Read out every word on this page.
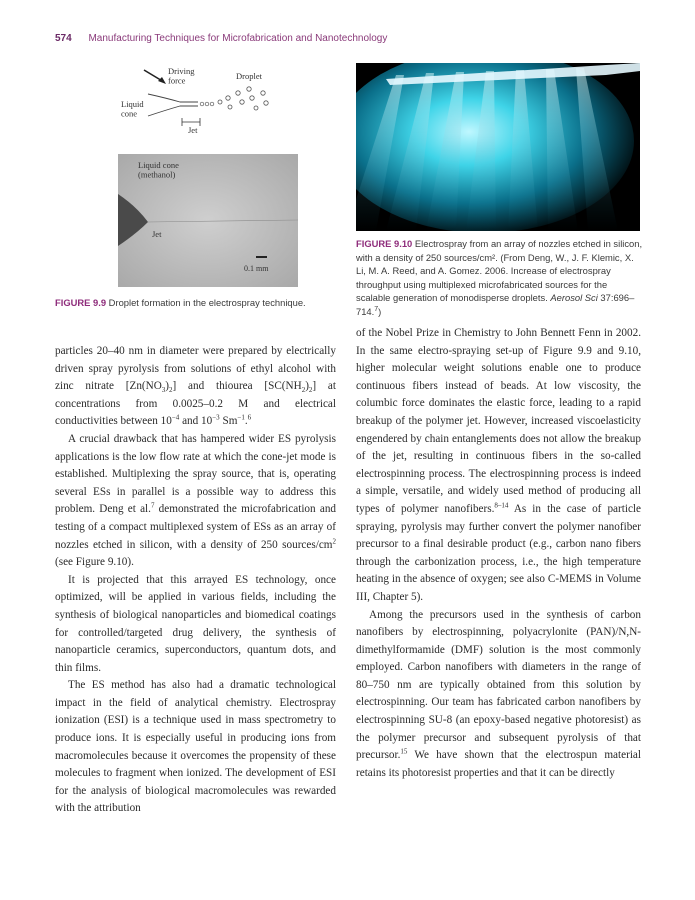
574 Manufacturing Techniques for Microfabrication and Nanotechnology
Driving force	Droplet
Liquid cone
Jet
Liquid cone (methanol)
Jet
0.1 mm
FIGURE 9.9 Droplet formation in the electrospray technique.
FIGURE 9.10 Electrospray from an array of nozzles etched in silicon, with a density of 250 sources/cm². (From Deng, W., J. F. Klemic, X. Li, M. A. Reed, and A. Gomez. 2006. Increase of electrospray throughput using multiplexed microfabricated sources for the scalable generation of monodisperse droplets. Aerosol Sci 37:696–714.$^7$)

particles 20–40 nm in diameter were prepared by electrically driven spray pyrolysis from solutions of ethyl alcohol with zinc nitrate $[Zn(NO_3)_2]$ and thiourea $[SC(NH_2)_2]$ at concentrations from 0.0025–0.2 M and electrical conductivities between $10^{-4}$ and $10^{-3}$ $Sm^{-1}.^6$

A crucial drawback that has hampered wider ES pyrolysis applications is the low flow rate at which the cone-jet mode is established. Multiplexing the spray source, that is, operating several ESs in parallel is a possible way to address this problem. Deng et al.$^7$ demonstrated the microfabrication and testing of a compact multiplexed system of ESs as an array of nozzles etched in silicon, with a density of 250 sources/$cm^2$ (see Figure 9.10).

It is projected that this arrayed ES technology, once optimized, will be applied in various fields, including the synthesis of biological nanoparticles and biomedical coatings for controlled/targeted drug delivery, the synthesis of nanoparticle ceramics, superconductors, quantum dots, and thin films.

The ES method has also had a dramatic technological impact in the field of analytical chemistry. Electrospray ionization (ESI) is a technique used in mass spectrometry to produce ions. It is especially useful in producing ions from macromolecules because it overcomes the propensity of these molecules to fragment when ionized. The development of ESI for the analysis of biological macromolecules was rewarded with the attribution

of the Nobel Prize in Chemistry to John Bennett Fenn in 2002. In the same electro-spraying set-up of Figure 9.9 and 9.10, higher molecular weight solutions enable one to produce continuous fibers instead of beads. At low viscosity, the columbic force dominates the elastic force, leading to a rapid breakup of the polymer jet. However, increased viscoelasticity engendered by chain entanglements does not allow the breakup of the jet, resulting in continuous fibers in the so-called electrospinning process. The electrospinning process is indeed a simple, versatile, and widely used method of producing all types of polymer nanofibers.$^{8-14}$ As in the case of particle spraying, pyrolysis may further convert the polymer nanofiber precursor to a final desirable product (e.g., carbon nano fibers through the carbonization process, i.e., the high temperature heating in the absence of oxygen; see also C-MEMS in Volume III, Chapter 5).

Among the precursors used in the synthesis of carbon nanofibers by electrospinning, polyacrylonite (PAN)/N,N-dimethylformamide (DMF) solution is the most commonly employed. Carbon nanofibers with diameters in the range of 80–750 nm are typically obtained from this solution by electrospinning. Our team has fabricated carbon nanofibers by electrospinning SU-8 (an epoxy-based negative photoresist) as the polymer precursor and subsequent pyrolysis of that precursor.$^{15}$ We have shown that the electrospun material retains its photoresist properties and that it can be directly
